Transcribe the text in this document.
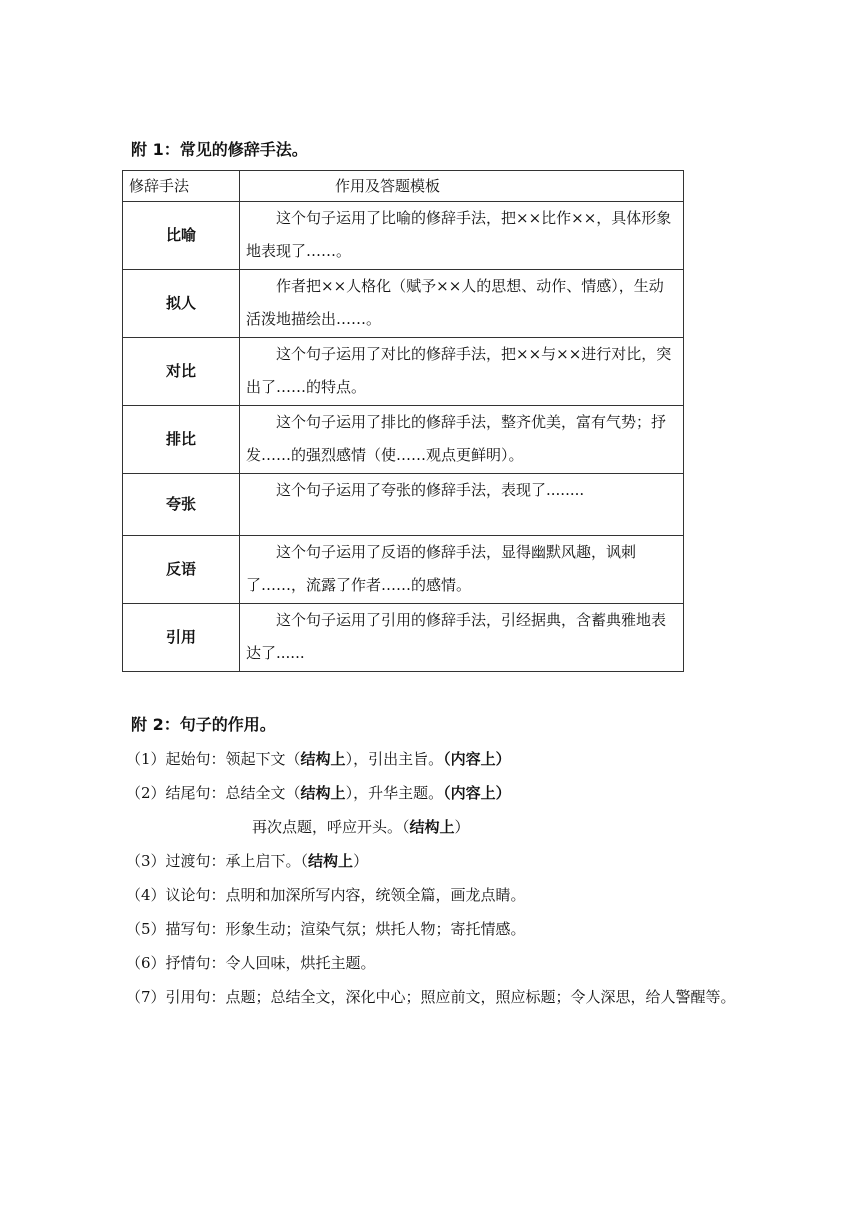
附 1：常见的修辞手法。
修辞手法	作用及答题模板
比喻	这个句子运用了比喻的修辞手法，把××比作××，具体形象地表现了……。

拟人	作者把××人格化（赋予××人的思想、动作、情感），生动活泼地描绘出……。

对比	这个句子运用了对比的修辞手法，把××与××进行对比，突出了……的特点。

排比	这个句子运用了排比的修辞手法，整齐优美，富有气势；抒发……的强烈感情（使……观点更鲜明）。

夸张	这个句子运用了夸张的修辞手法，表现了........

反语	这个句子运用了反语的修辞手法，显得幽默风趣，讽刺了……，流露了作者……的感情。

引用	这个句子运用了引用的修辞手法，引经据典，含蓄典雅地表达了......
附 2：句子的作用。
（1）起始句：领起下文（结构上），引出主旨。（内容上）
（2）结尾句：总结全文（结构上），升华主题。（内容上）
再次点题，呼应开头。（结构上）
（3）过渡句：承上启下。（结构上）
（4）议论句：点明和加深所写内容，统领全篇，画龙点睛。
（5）描写句：形象生动；渲染气氛；烘托人物；寄托情感。
（6）抒情句：令人回味，烘托主题。
（7）引用句：点题；总结全文，深化中心；照应前文，照应标题；令人深思，给人警醒等。
